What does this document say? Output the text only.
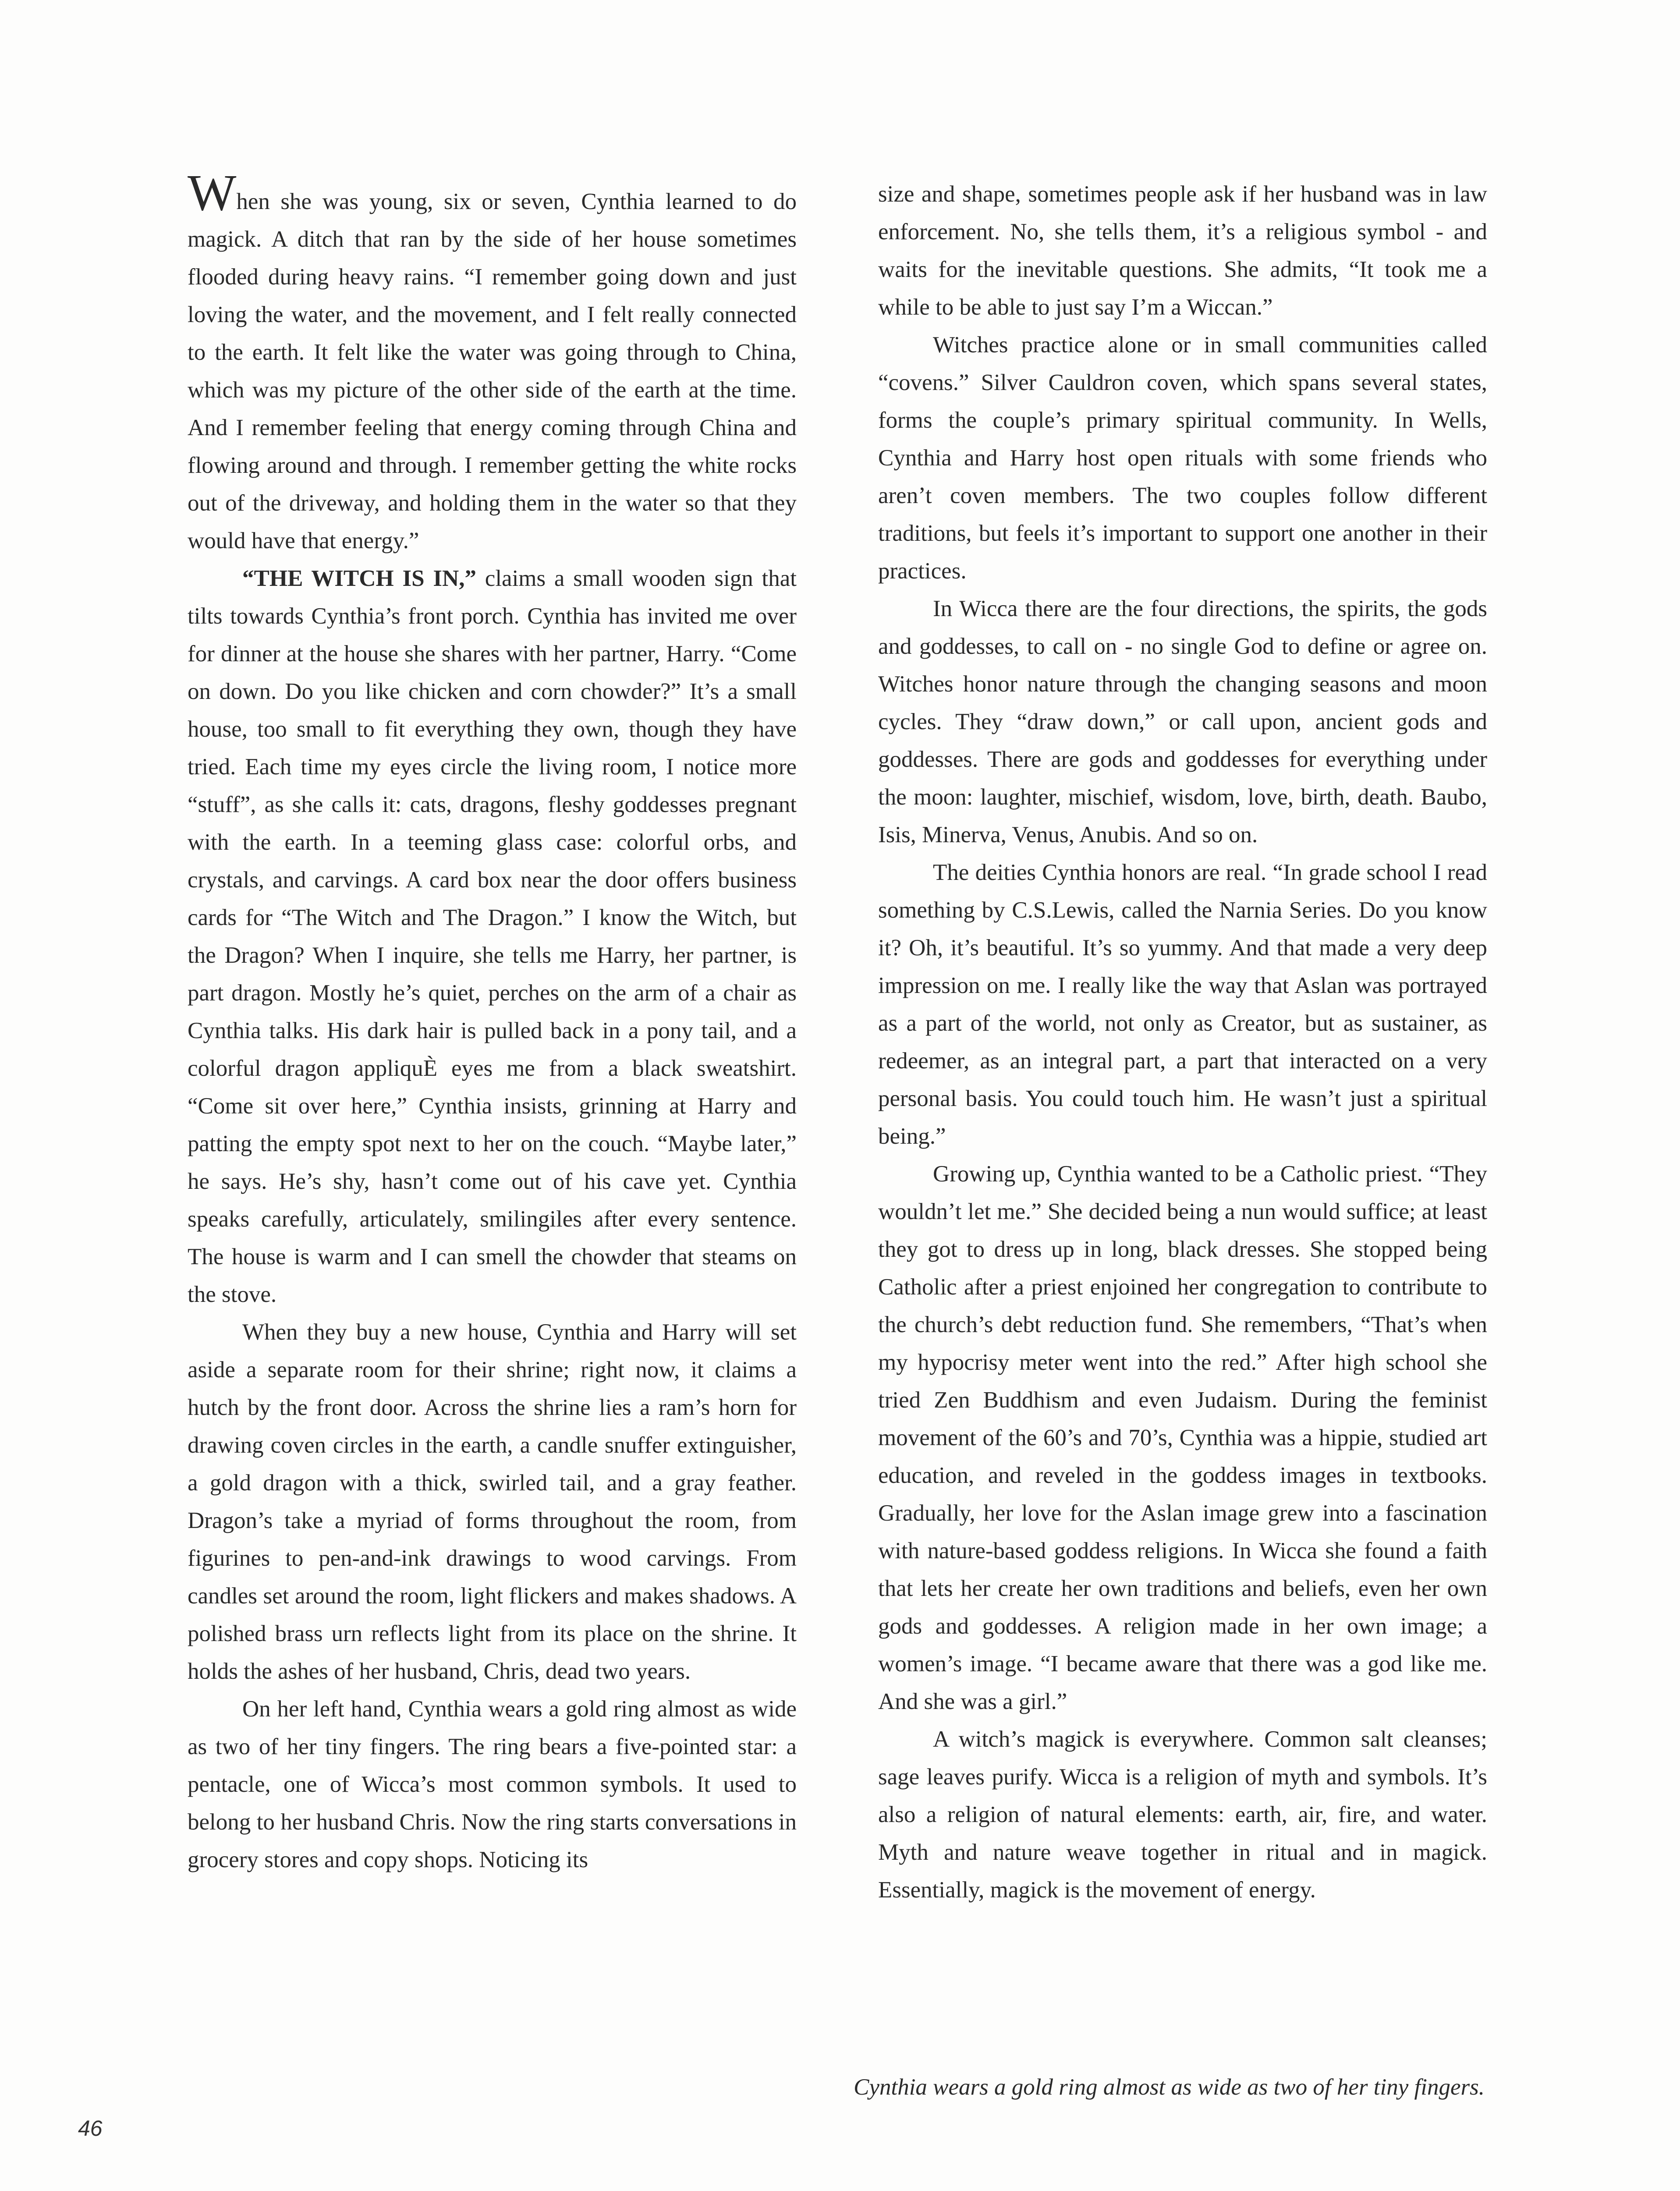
When she was young, six or seven, Cynthia learned to do magick. A ditch that ran by the side of her house sometimes flooded during heavy rains. “I remember going down and just loving the water, and the movement, and I felt really connected to the earth. It felt like the water was going through to China, which was my picture of the other side of the earth at the time. And I remember feeling that energy coming through China and flowing around and through. I remember getting the white rocks out of the driveway, and holding them in the water so that they would have that energy.”

“THE WITCH IS IN,” claims a small wooden sign that tilts towards Cynthia’s front porch. Cynthia has invited me over for dinner at the house she shares with her partner, Harry. “Come on down. Do you like chicken and corn chowder?” It’s a small house, too small to fit everything they own, though they have tried. Each time my eyes circle the living room, I notice more “stuff”, as she calls it: cats, dragons, fleshy goddesses pregnant with the earth. In a teeming glass case: colorful orbs, and crystals, and carvings. A card box near the door offers business cards for “The Witch and The Dragon.” I know the Witch, but the Dragon? When I inquire, she tells me Harry, her partner, is part dragon. Mostly he’s quiet, perches on the arm of a chair as Cynthia talks. His dark hair is pulled back in a pony tail, and a colorful dragon appliquÈ eyes me from a black sweatshirt. “Come sit over here,” Cynthia insists, grinning at Harry and patting the empty spot next to her on the couch. “Maybe later,” he says. He’s shy, hasn’t come out of his cave yet. Cynthia speaks carefully, articulately, smilingiles after every sentence. The house is warm and I can smell the chowder that steams on the stove.

When they buy a new house, Cynthia and Harry will set aside a separate room for their shrine; right now, it claims a hutch by the front door. Across the shrine lies a ram’s horn for drawing coven circles in the earth, a candle snuffer extinguisher, a gold dragon with a thick, swirled tail, and a gray feather. Dragon’s take a myriad of forms throughout the room, from figurines to pen-and-ink drawings to wood carvings. From candles set around the room, light flickers and makes shadows. A polished brass urn reflects light from its place on the shrine. It holds the ashes of her husband, Chris, dead two years.

On her left hand, Cynthia wears a gold ring almost as wide as two of her tiny fingers. The ring bears a five-pointed star: a pentacle, one of Wicca’s most common symbols. It used to belong to her husband Chris. Now the ring starts conversations in grocery stores and copy shops. Noticing its

size and shape, sometimes people ask if her husband was in law enforcement. No, she tells them, it’s a religious symbol - and waits for the inevitable questions. She admits, “It took me a while to be able to just say I’m a Wiccan.”

Witches practice alone or in small communities called “covens.” Silver Cauldron coven, which spans several states, forms the couple’s primary spiritual community. In Wells, Cynthia and Harry host open rituals with some friends who aren’t coven members. The two couples follow different traditions, but feels it’s important to support one another in their practices.

In Wicca there are the four directions, the spirits, the gods and goddesses, to call on - no single God to define or agree on. Witches honor nature through the changing seasons and moon cycles. They “draw down,” or call upon, ancient gods and goddesses. There are gods and goddesses for everything under the moon: laughter, mischief, wisdom, love, birth, death. Baubo, Isis, Minerva, Venus, Anubis. And so on.

The deities Cynthia honors are real. “In grade school I read something by C.S.Lewis, called the Narnia Series. Do you know it? Oh, it’s beautiful. It’s so yummy. And that made a very deep impression on me. I really like the way that Aslan was portrayed as a part of the world, not only as Creator, but as sustainer, as redeemer, as an integral part, a part that interacted on a very personal basis. You could touch him. He wasn’t just a spiritual being.”

Growing up, Cynthia wanted to be a Catholic priest. “They wouldn’t let me.” She decided being a nun would suffice; at least they got to dress up in long, black dresses. She stopped being Catholic after a priest enjoined her congregation to contribute to the church’s debt reduction fund. She remembers, “That’s when my hypocrisy meter went into the red.” After high school she tried Zen Buddhism and even Judaism. During the feminist movement of the 60’s and 70’s, Cynthia was a hippie, studied art education, and reveled in the goddess images in textbooks. Gradually, her love for the Aslan image grew into a fascination with nature-based goddess religions. In Wicca she found a faith that lets her create her own traditions and beliefs, even her own gods and goddesses. A religion made in her own image; a women’s image. “I became aware that there was a god like me. And she was a girl.”

A witch’s magick is everywhere. Common salt cleanses; sage leaves purify. Wicca is a religion of myth and symbols. It’s also a religion of natural elements: earth, air, fire, and water. Myth and nature weave together in ritual and in magick. Essentially, magick is the movement of energy.

Cynthia wears a gold ring almost as wide as two of her tiny fingers.
46
